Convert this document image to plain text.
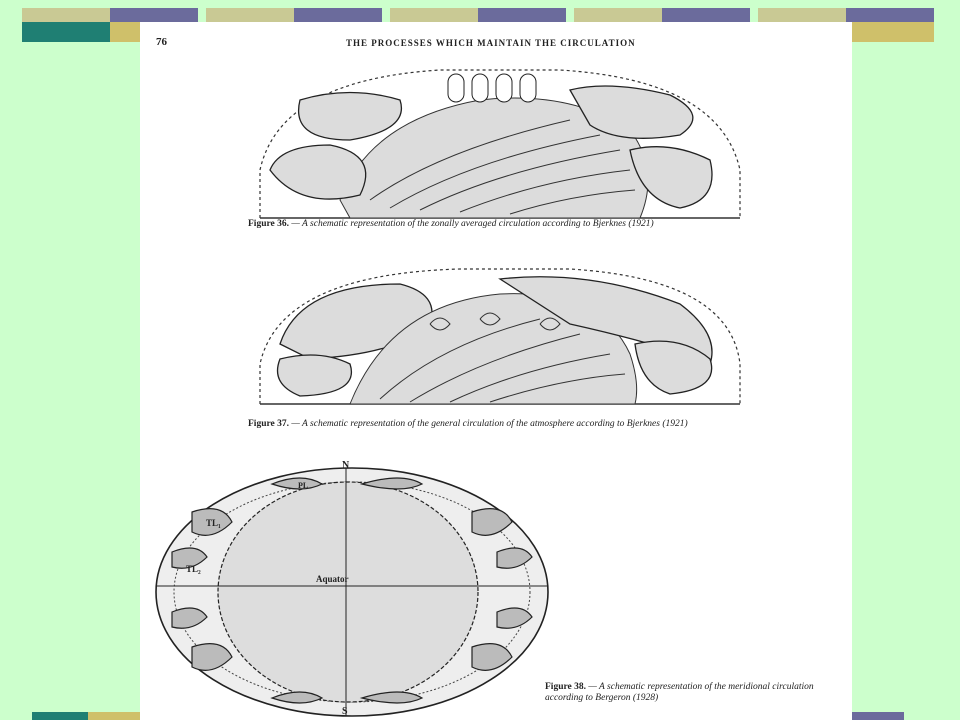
76	THE PROCESSES WHICH MAINTAIN THE CIRCULATION
Figure 36. — A schematic representation of the zonally averaged circulation according to Bjerknes (1921)
Figure 37. — A schematic representation of the general circulation of the atmosphere according to Bjerknes (1921)
N
S
Aquator
PL
TL₁
TL₂
Figure 38. — A schematic representation of the meridional circulation according to Bergeron (1928)
